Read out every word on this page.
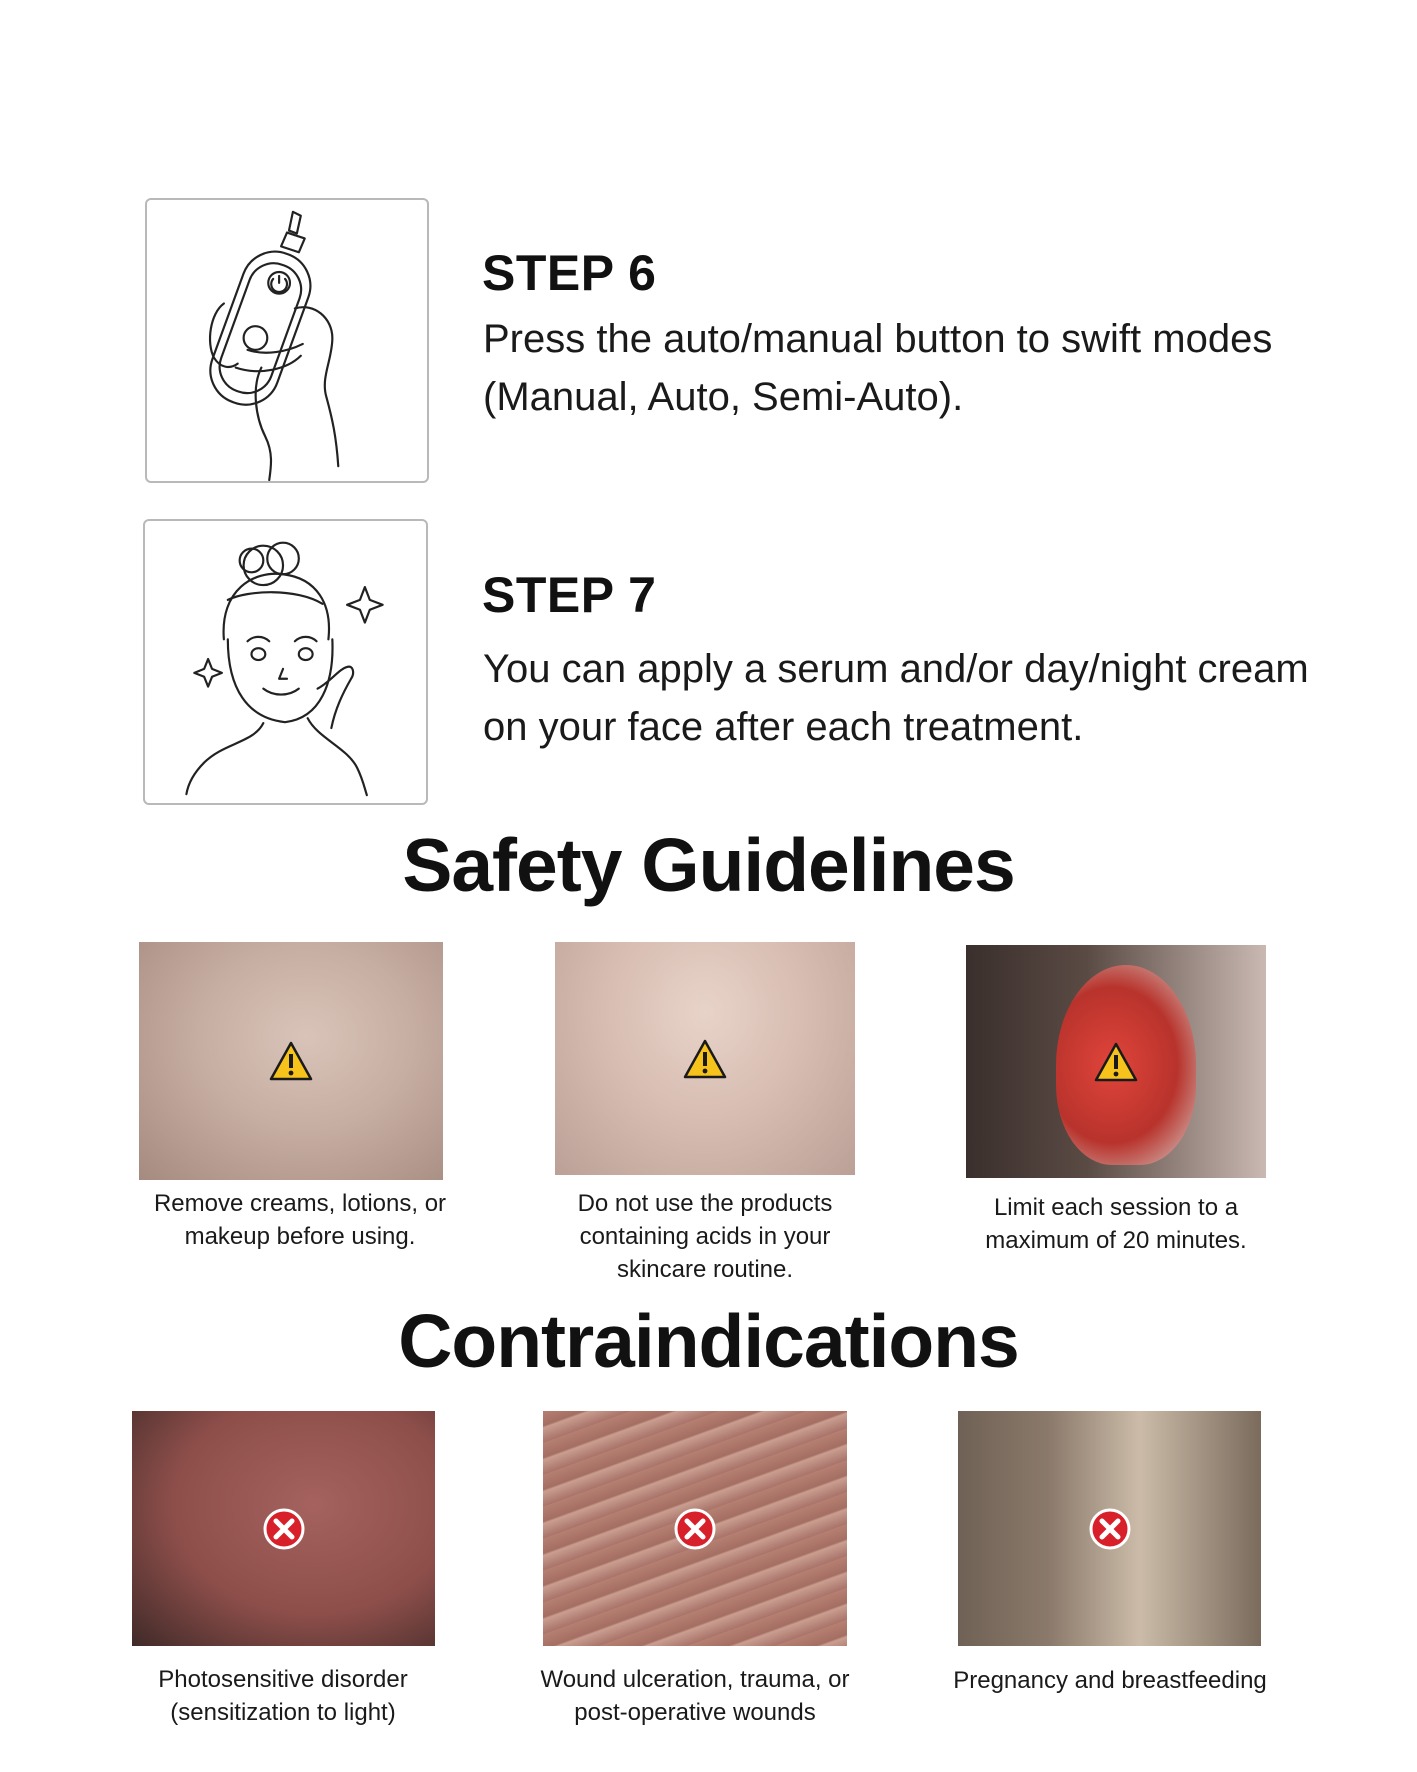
STEP 6

Press the auto/manual button to swift modes (Manual, Auto, Semi-Auto).

STEP 7

You can apply a serum and/or day/night cream on your face after each treatment.

Safety Guidelines

Remove creams, lotions, or makeup before using.

Do not use the products containing acids in your skincare routine.

Limit each session to a maximum of 20 minutes.

Contraindications

Photosensitive disorder (sensitization to light)

Wound ulceration, trauma, or post-operative wounds

Pregnancy and breastfeeding
